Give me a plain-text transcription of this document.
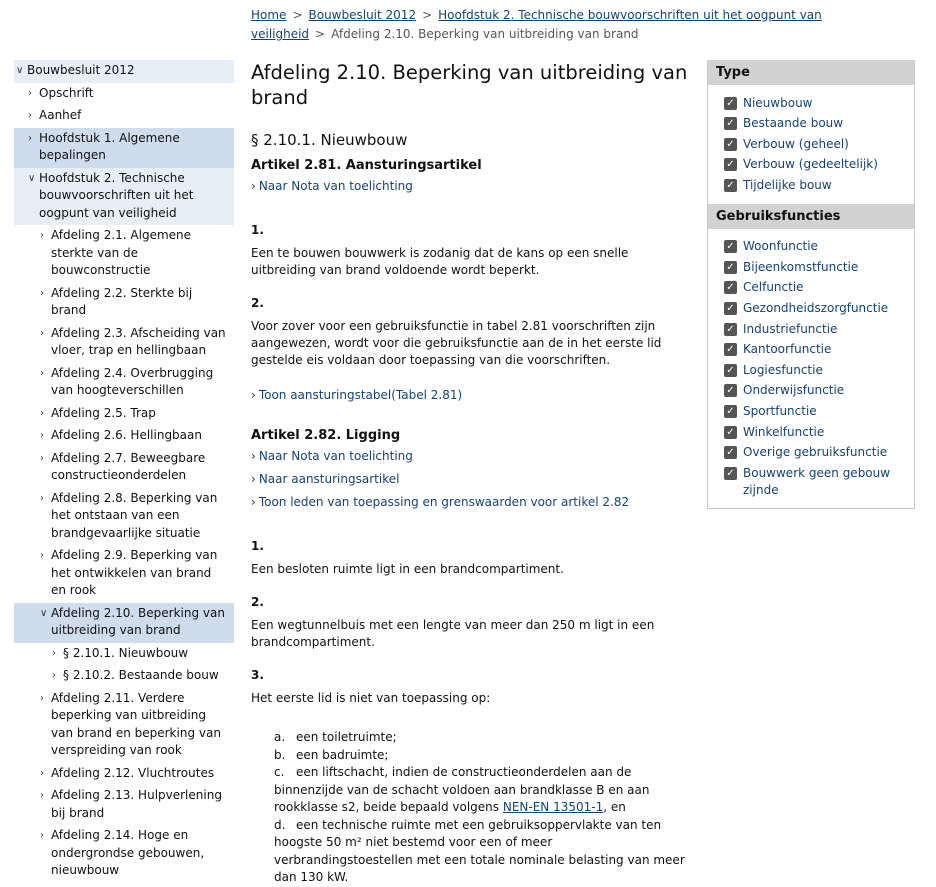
Home > Bouwbesluit 2012 > Hoofdstuk 2. Technische bouwvoorschriften uit het oogpunt van veiligheid > Afdeling 2.10. Beperking van uitbreiding van brand
∨ Bouwbesluit 2012
› Opschrift
› Aanhef
› Hoofdstuk 1. Algemene bepalingen
∨ Hoofdstuk 2. Technische bouwvoorschriften uit het oogpunt van veiligheid
› Afdeling 2.1. Algemene sterkte van de bouwconstructie
› Afdeling 2.2. Sterkte bij brand
› Afdeling 2.3. Afscheiding van vloer, trap en hellingbaan
› Afdeling 2.4. Overbrugging van hoogteverschillen
› Afdeling 2.5. Trap
› Afdeling 2.6. Hellingbaan
› Afdeling 2.7. Beweegbare constructieonderdelen
› Afdeling 2.8. Beperking van het ontstaan van een brandgevaarlijke situatie
› Afdeling 2.9. Beperking van het ontwikkelen van brand en rook
∨ Afdeling 2.10. Beperking van uitbreiding van brand
› § 2.10.1. Nieuwbouw
› § 2.10.2. Bestaande bouw
› Afdeling 2.11. Verdere beperking van uitbreiding van brand en beperking van verspreiding van rook
› Afdeling 2.12. Vluchtroutes
› Afdeling 2.13. Hulpverlening bij brand
› Afdeling 2.14. Hoge en ondergrondse gebouwen, nieuwbouw
Afdeling 2.10. Beperking van uitbreiding van brand
§ 2.10.1. Nieuwbouw
Artikel 2.81. Aansturingsartikel
› Naar Nota van toelichting
1.
Een te bouwen bouwwerk is zodanig dat de kans op een snelle uitbreiding van brand voldoende wordt beperkt.
2.
Voor zover voor een gebruiksfunctie in tabel 2.81 voorschriften zijn aangewezen, wordt voor die gebruiksfunctie aan de in het eerste lid gestelde eis voldaan door toepassing van die voorschriften.
› Toon aansturingstabel(Tabel 2.81)
Artikel 2.82. Ligging
› Naar Nota van toelichting
› Naar aansturingsartikel
› Toon leden van toepassing en grenswaarden voor artikel 2.82
1.
Een besloten ruimte ligt in een brandcompartiment.
2.
Een wegtunnelbuis met een lengte van meer dan 250 m ligt in een brandcompartiment.
3.
Het eerste lid is niet van toepassing op:
a. een toiletruimte;
b. een badruimte;
c. een liftschacht, indien de constructieonderdelen aan de binnenzijde van de schacht voldoen aan brandklasse B en aan rookklasse s2, beide bepaald volgens NEN-EN 13501-1, en
d. een technische ruimte met een gebruiksoppervlakte van ten hoogste 50 m² niet bestemd voor een of meer verbrandingstoestellen met een totale nominale belasting van meer dan 130 kW.
Type
✓ Nieuwbouw
✓ Bestaande bouw
✓ Verbouw (geheel)
✓ Verbouw (gedeeltelijk)
✓ Tijdelijke bouw
Gebruiksfuncties
✓ Woonfunctie
✓ Bijeenkomstfunctie
✓ Celfunctie
✓ Gezondheidszorgfunctie
✓ Industriefunctie
✓ Kantoorfunctie
✓ Logiesfunctie
✓ Onderwijsfunctie
✓ Sportfunctie
✓ Winkelfunctie
✓ Overige gebruiksfunctie
✓ Bouwwerk geen gebouw zijnde
